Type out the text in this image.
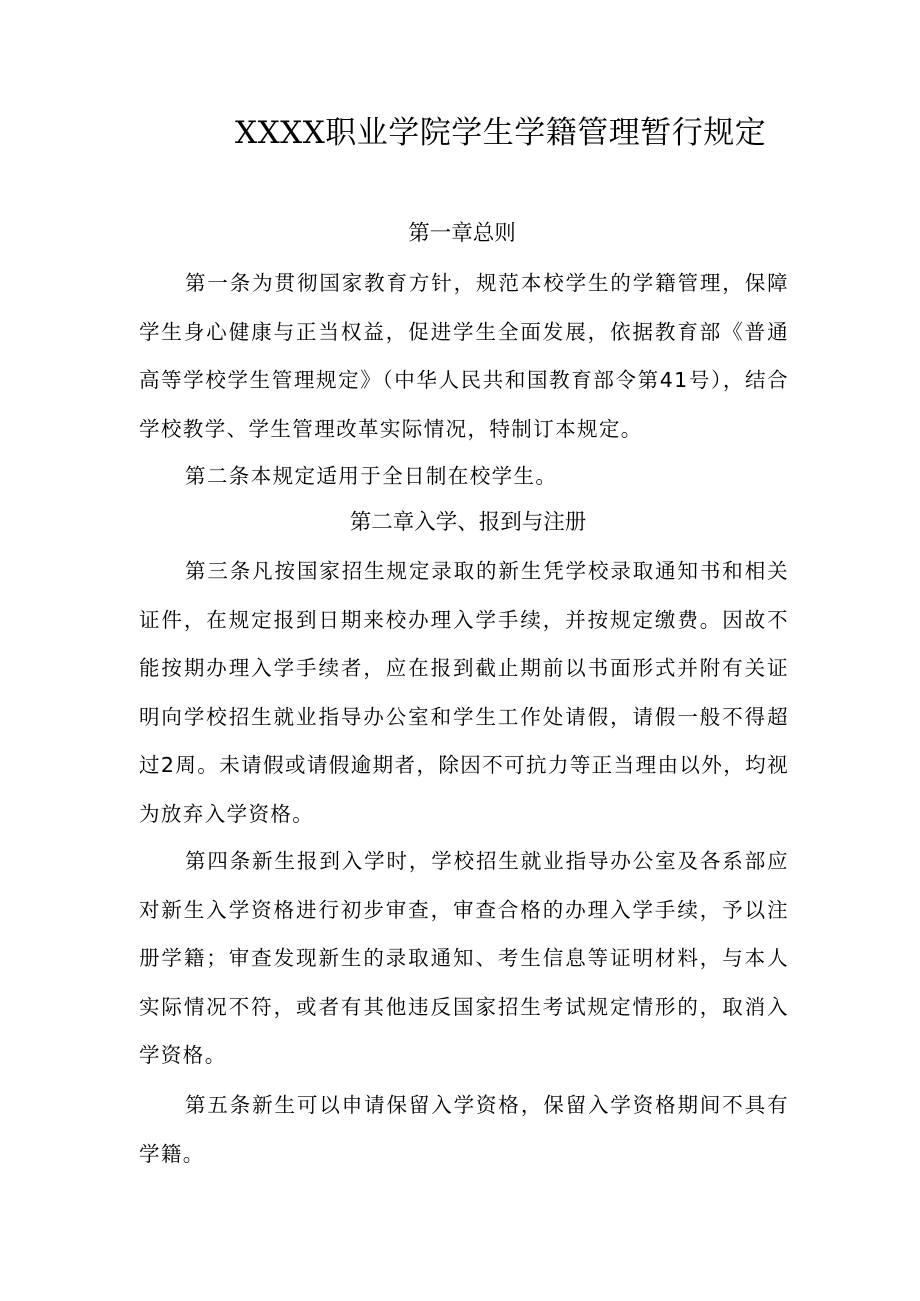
XXXX职业学院学生学籍管理暂行规定
第一章总则

第一条为贯彻国家教育方针，规范本校学生的学籍管理，保障学生身心健康与正当权益，促进学生全面发展，依据教育部《普通高等学校学生管理规定》（中华人民共和国教育部令第41号），结合学校教学、学生管理改革实际情况，特制订本规定。

第二条本规定适用于全日制在校学生。

第二章入学、报到与注册

第三条凡按国家招生规定录取的新生凭学校录取通知书和相关证件，在规定报到日期来校办理入学手续，并按规定缴费。因故不能按期办理入学手续者，应在报到截止期前以书面形式并附有关证明向学校招生就业指导办公室和学生工作处请假，请假一般不得超过2周。未请假或请假逾期者，除因不可抗力等正当理由以外，均视为放弃入学资格。

第四条新生报到入学时，学校招生就业指导办公室及各系部应对新生入学资格进行初步审查，审查合格的办理入学手续，予以注册学籍；审查发现新生的录取通知、考生信息等证明材料，与本人实际情况不符，或者有其他违反国家招生考试规定情形的，取消入学资格。

第五条新生可以申请保留入学资格，保留入学资格期间不具有学籍。
